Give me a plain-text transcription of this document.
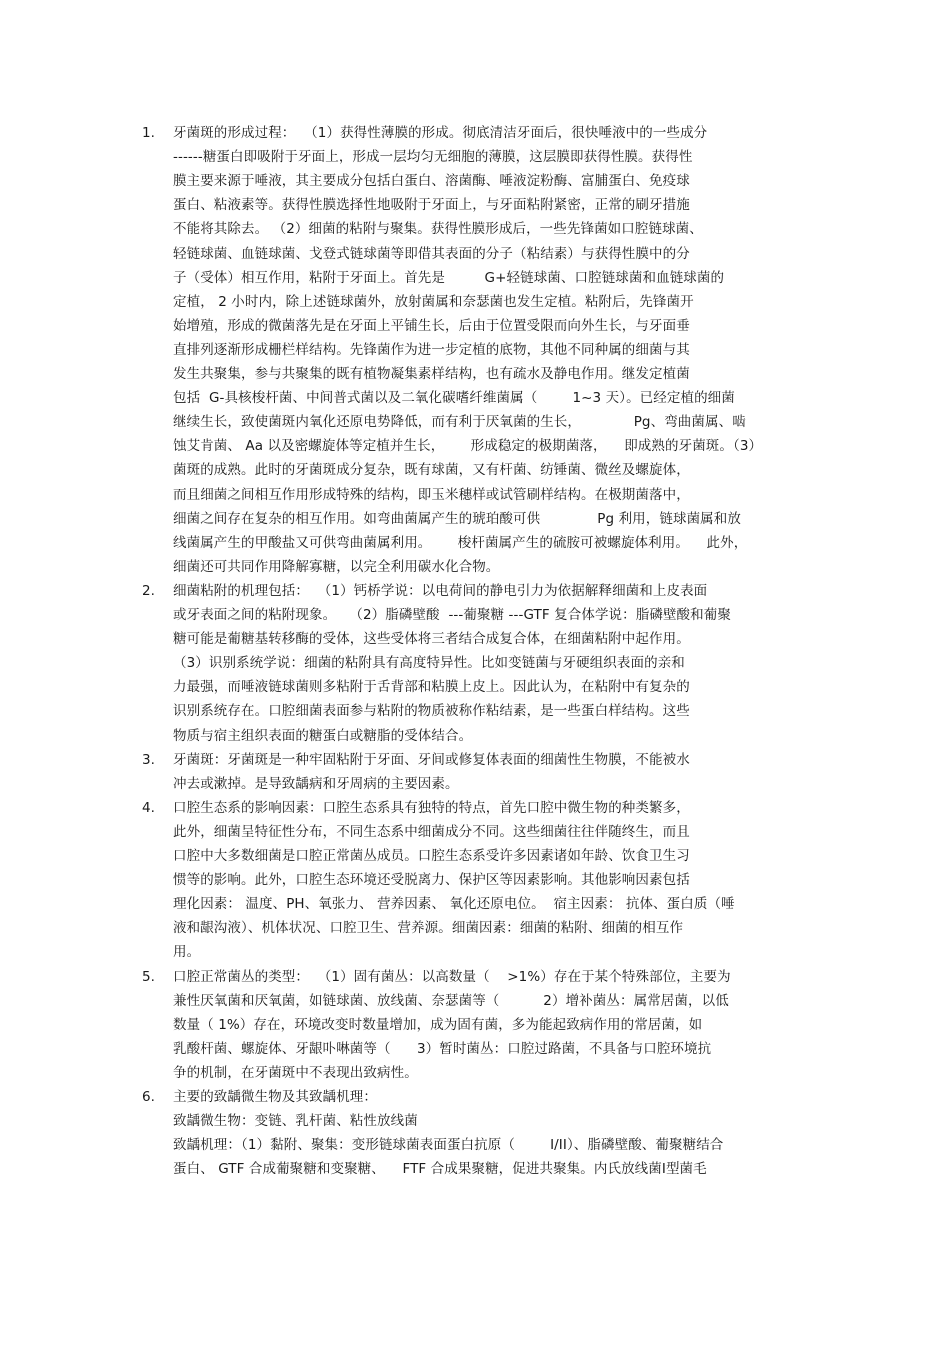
1. 牙菌斑的形成过程：  （1）获得性薄膜的形成。彻底清洁牙面后，很快唾液中的一些成分
------糖蛋白即吸附于牙面上，形成一层均匀无细胞的薄膜，这层膜即获得性膜。获得性
膜主要来源于唾液，其主要成分包括白蛋白、溶菌酶、唾液淀粉酶、富脯蛋白、免疫球
蛋白、粘液素等。获得性膜选择性地吸附于牙面上，与牙面粘附紧密，正常的刷牙措施
不能将其除去。 （2）细菌的粘附与聚集。获得性膜形成后，一些先锋菌如口腔链球菌、
轻链球菌、血链球菌、戈登式链球菌等即借其表面的分子（粘结素）与获得性膜中的分
子（受体）相互作用，粘附于牙面上。首先是         G+轻链球菌、口腔链球菌和血链球菌的
定植， 2 小时内，除上述链球菌外，放射菌属和奈瑟菌也发生定植。粘附后，先锋菌开
始增殖，形成的微菌落先是在牙面上平铺生长，后由于位置受限而向外生长，与牙面垂
直排列逐渐形成栅栏样结构。先锋菌作为进一步定植的底物，其他不同种属的细菌与其
发生共聚集，参与共聚集的既有植物凝集素样结构，也有疏水及静电作用。继发定植菌
包括  G-具核梭杆菌、中间普式菌以及二氧化碳嗜纤维菌属（        1~3 天）。已经定植的细菌
继续生长，致使菌斑内氧化还原电势降低，而有利于厌氧菌的生长，            Pg、弯曲菌属、啮
蚀艾肯菌、 Aa 以及密螺旋体等定植并生长，      形成稳定的极期菌落，    即成熟的牙菌斑。（3）
菌斑的成熟。此时的牙菌斑成分复杂，既有球菌，又有杆菌、纺锤菌、微丝及螺旋体，
而且细菌之间相互作用形成特殊的结构，即玉米穗样或试管刷样结构。在极期菌落中，
细菌之间存在复杂的相互作用。如弯曲菌属产生的琥珀酸可供             Pg 利用，链球菌属和放
线菌属产生的甲酸盐又可供弯曲菌属利用。      梭杆菌属产生的硫胺可被螺旋体利用。    此外，
细菌还可共同作用降解寡糖，以完全利用碳水化合物。
2. 细菌粘附的机理包括：  （1）钙桥学说：以电荷间的静电引力为依据解释细菌和上皮表面
或牙表面之间的粘附现象。   （2）脂磷壁酸  ---葡聚糖 ---GTF 复合体学说：脂磷壁酸和葡聚
糖可能是葡糖基转移酶的受体，这些受体将三者结合成复合体，在细菌粘附中起作用。
（3）识别系统学说：细菌的粘附具有高度特异性。比如变链菌与牙硬组织表面的亲和
力最强，而唾液链球菌则多粘附于舌背部和粘膜上皮上。因此认为，在粘附中有复杂的
识别系统存在。口腔细菌表面参与粘附的物质被称作粘结素，是一些蛋白样结构。这些
物质与宿主组织表面的糖蛋白或糖脂的受体结合。
3. 牙菌斑：牙菌斑是一种牢固粘附于牙面、牙间或修复体表面的细菌性生物膜，不能被水
冲去或漱掉。是导致龋病和牙周病的主要因素。
4. 口腔生态系的影响因素：口腔生态系具有独特的特点，首先口腔中微生物的种类繁多，
此外，细菌呈特征性分布，不同生态系中细菌成分不同。这些细菌往往伴随终生，而且
口腔中大多数细菌是口腔正常菌丛成员。口腔生态系受许多因素诸如年龄、饮食卫生习
惯等的影响。此外，口腔生态环境还受脱离力、保护区等因素影响。其他影响因素包括
理化因素： 温度、PH、氧张力、 营养因素、 氧化还原电位。  宿主因素： 抗体、蛋白质（唾
液和龈沟液）、机体状况、口腔卫生、营养源。细菌因素：细菌的粘附、细菌的相互作
用。
5. 口腔正常菌丛的类型：  （1）固有菌丛：以高数量（    >1%）存在于某个特殊部位，主要为
兼性厌氧菌和厌氧菌，如链球菌、放线菌、奈瑟菌等（          2）增补菌丛：属常居菌，以低
数量（ 1%）存在，环境改变时数量增加，成为固有菌，多为能起致病作用的常居菌，如
乳酸杆菌、螺旋体、牙龈卟啉菌等（      3）暂时菌丛：口腔过路菌，不具备与口腔环境抗
争的机制，在牙菌斑中不表现出致病性。
6. 主要的致龋微生物及其致龋机理：
致龋微生物：变链、乳杆菌、粘性放线菌
致龋机理：（1）黏附、聚集：变形链球菌表面蛋白抗原（        I/II）、脂磷壁酸、葡聚糖结合
蛋白、 GTF 合成葡聚糖和变聚糖、    FTF 合成果聚糖，促进共聚集。内氏放线菌Ⅰ型菌毛
